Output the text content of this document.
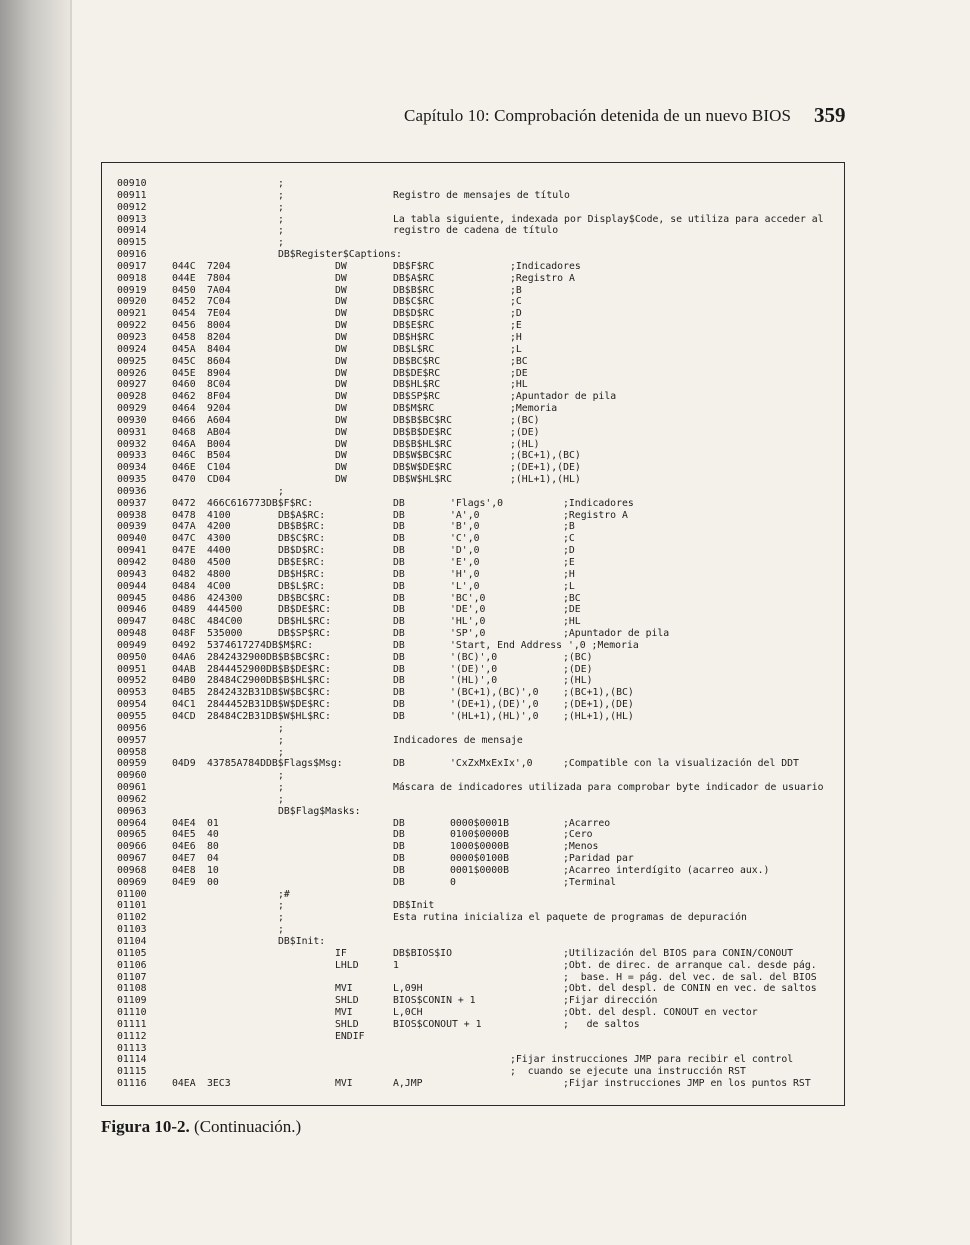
Capítulo 10: Comprobación detenida de un nuevo BIOS	359
00910	;
00911	;	Registro de mensajes de título
00912	;
00913	;	La tabla siguiente, indexada por Display$Code, se utiliza para acceder al
00914	;	registro de cadena de título
00915	;
00916	DB$Register$Captions:
00917	044C 7204	DW	DB$F$RC	;Indicadores
00918	044E 7804	DW	DB$A$RC	;Registro A
00919	0450 7A04	DW	DB$B$RC	;B
00920	0452 7C04	DW	DB$C$RC	;C
00921	0454 7E04	DW	DB$D$RC	;D
00922	0456 8004	DW	DB$E$RC	;E
00923	0458 8204	DW	DB$H$RC	;H
00924	045A 8404	DW	DB$L$RC	;L
00925	045C 8604	DW	DB$BC$RC	;BC
00926	045E 8904	DW	DB$DE$RC	;DE
00927	0460 8C04	DW	DB$HL$RC	;HL
00928	0462 8F04	DW	DB$SP$RC	;Apuntador de pila
00929	0464 9204	DW	DB$M$RC	;Memoria
00930	0466 A604	DW	DB$B$BC$RC	;(BC)
00931	0468 AB04	DW	DB$B$DE$RC	;(DE)
00932	046A B004	DW	DB$B$HL$RC	;(HL)
00933	046C B504	DW	DB$W$BC$RC	;(BC+1),(BC)
00934	046E C104	DW	DB$W$DE$RC	;(DE+1),(DE)
00935	0470 CD04	DW	DB$W$HL$RC	;(HL+1),(HL)
00936	;
00937	0472 466C616773DB$F$RC:	DB	'Flags',0	;Indicadores
00938	0478 4100	DB$A$RC:	DB	'A',0	;Registro A
00939	047A 4200	DB$B$RC:	DB	'B',0	;B
00940	047C 4300	DB$C$RC:	DB	'C',0	;C
00941	047E 4400	DB$D$RC:	DB	'D',0	;D
00942	0480 4500	DB$E$RC:	DB	'E',0	;E
00943	0482 4800	DB$H$RC:	DB	'H',0	;H
00944	0484 4C00	DB$L$RC:	DB	'L',0	;L
00945	0486 424300	DB$BC$RC:	DB	'BC',0	;BC
00946	0489 444500	DB$DE$RC:	DB	'DE',0	;DE
00947	048C 484C00	DB$HL$RC:	DB	'HL',0	;HL
00948	048F 535000	DB$SP$RC:	DB	'SP',0	;Apuntador de pila
00949	0492 5374617274DB$M$RC:	DB	'Start, End Address ',0 ;Memoria
00950	04A6 2842432900DB$B$BC$RC:	DB	'(BC)',0	;(BC)
00951	04AB 2844452900DB$B$DE$RC:	DB	'(DE)',0	;(DE)
00952	04B0 28484C2900DB$B$HL$RC:	DB	'(HL)',0	;(HL)
00953	04B5 2842432B31DB$W$BC$RC:	DB	'(BC+1),(BC)',0	;(BC+1),(BC)
00954	04C1 2844452B31DB$W$DE$RC:	DB	'(DE+1),(DE)',0	;(DE+1),(DE)
00955	04CD 28484C2B31DB$W$HL$RC:	DB	'(HL+1),(HL)',0	;(HL+1),(HL)
00956	;
00957	;	Indicadores de mensaje
00958	;
00959	04D9 43785A784DDB$Flags$Msg:	DB	'CxZxMxExIx',0	;Compatible con la visualización del DDT
00960	;
00961	;	Máscara de indicadores utilizada para comprobar byte indicador de usuario
00962	;
00963	DB$Flag$Masks:
00964	04E4 01	DB	0000$0001B	;Acarreo
00965	04E5 40	DB	0100$0000B	;Cero
00966	04E6 80	DB	1000$0000B	;Menos
00967	04E7 04	DB	0000$0100B	;Paridad par
00968	04E8 10	DB	0001$0000B	;Acarreo interdígito (acarreo aux.)
00969	04E9 00	DB	0	;Terminal
01100	;#
01101	;	DB$Init
01102	;	Esta rutina inicializa el paquete de programas de depuración
01103	;
01104	DB$Init:
01105	IF	DB$BIOS$IO	;Utilización del BIOS para CONIN/CONOUT
01106	LHLD	1	;Obt. de direc. de arranque cal. desde pág.
01107	;  base. H = pág. del vec. de sal. del BIOS
01108	MVI	L,09H	;Obt. del despl. de CONIN en vec. de saltos
01109	SHLD	BIOS$CONIN + 1	;Fijar dirección
01110	MVI	L,0CH	;Obt. del despl. CONOUT en vector
01111	SHLD	BIOS$CONOUT + 1	;   de saltos
01112	ENDIF
01113
01114	;Fijar instrucciones JMP para recibir el control
01115	;  cuando se ejecute una instrucción RST
01116	04EA 3EC3	MVI	A,JMP	;Fijar instrucciones JMP en los puntos RST
Figura 10-2. (Continuación.)
